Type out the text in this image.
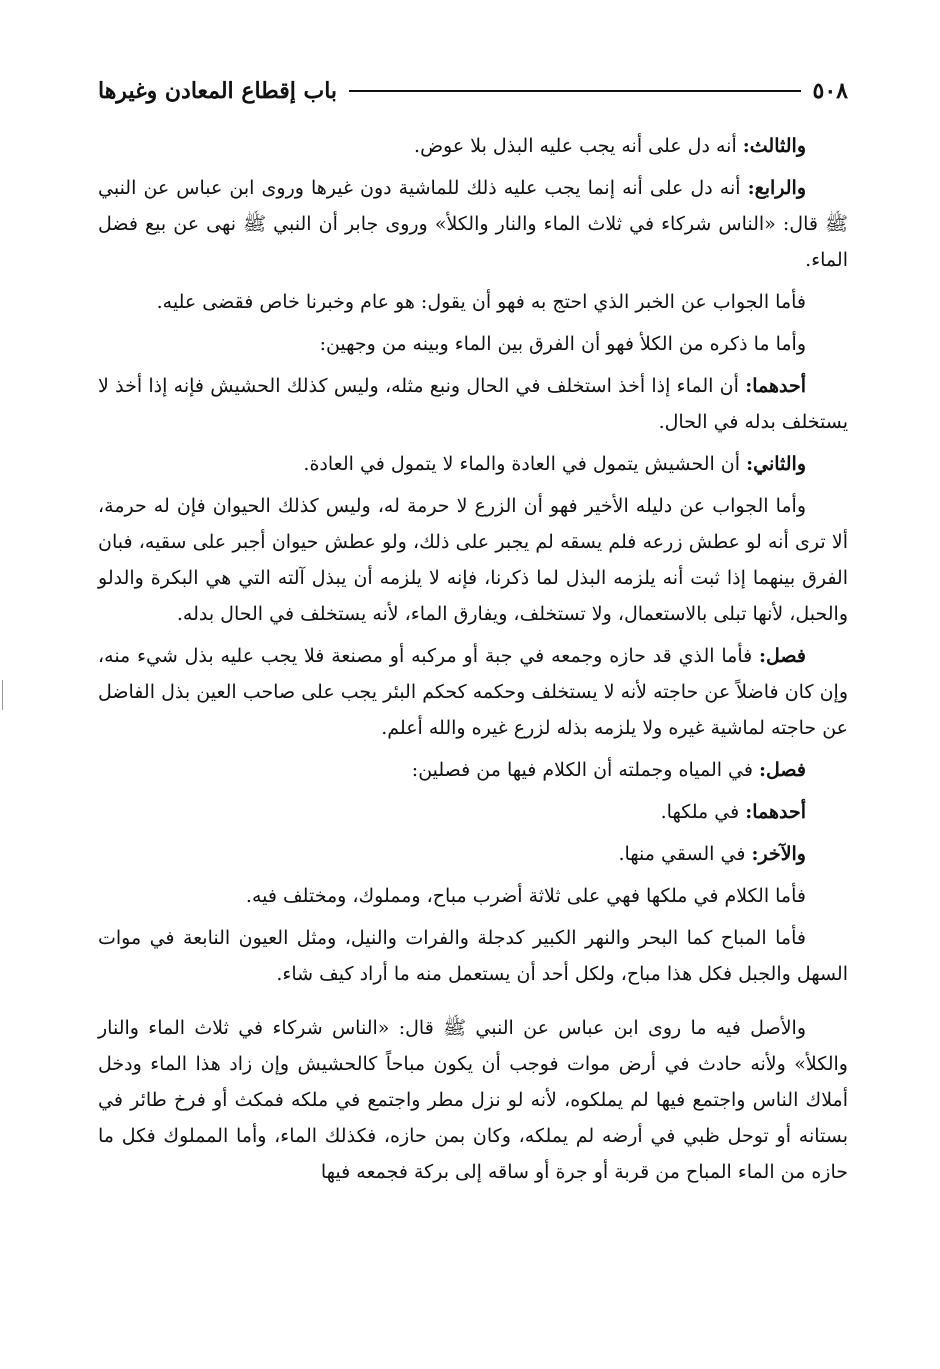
٥٠٨
باب إقطاع المعادن وغيرها

والثالث: أنه دل على أنه يجب عليه البذل بلا عوض.

والرابع: أنه دل على أنه إنما يجب عليه ذلك للماشية دون غيرها وروى ابن عباس عن النبي ﷺ قال: «الناس شركاء في ثلاث الماء والنار والكلأ» وروى جابر أن النبي ﷺ نهى عن بيع فضل الماء.

فأما الجواب عن الخبر الذي احتج به فهو أن يقول: هو عام وخبرنا خاص فقضى عليه.

وأما ما ذكره من الكلأ فهو أن الفرق بين الماء وبينه من وجهين:

أحدهما: أن الماء إذا أخذ استخلف في الحال ونبع مثله، وليس كذلك الحشيش فإنه إذا أخذ لا يستخلف بدله في الحال.

والثاني: أن الحشيش يتمول في العادة والماء لا يتمول في العادة.

وأما الجواب عن دليله الأخير فهو أن الزرع لا حرمة له، وليس كذلك الحيوان فإن له حرمة، ألا ترى أنه لو عطش زرعه فلم يسقه لم يجبر على ذلك، ولو عطش حيوان أجبر على سقيه، فبان الفرق بينهما إذا ثبت أنه يلزمه البذل لما ذكرنا، فإنه لا يلزمه أن يبذل آلته التي هي البكرة والدلو والحبل، لأنها تبلى بالاستعمال، ولا تستخلف، ويفارق الماء، لأنه يستخلف في الحال بدله.

فصل: فأما الذي قد حازه وجمعه في جبة أو مركبه أو مصنعة فلا يجب عليه بذل شيء منه، وإن كان فاضلاً عن حاجته لأنه لا يستخلف وحكمه كحكم البئر يجب على صاحب العين بذل الفاضل عن حاجته لماشية غيره ولا يلزمه بذله لزرع غيره والله أعلم.

فصل: في المياه وجملته أن الكلام فيها من فصلين:

أحدهما: في ملكها.

والآخر: في السقي منها.

فأما الكلام في ملكها فهي على ثلاثة أضرب مباح، ومملوك، ومختلف فيه.

فأما المباح كما البحر والنهر الكبير كدجلة والفرات والنيل، ومثل العيون النابعة في موات السهل والجبل فكل هذا مباح، ولكل أحد أن يستعمل منه ما أراد كيف شاء.

والأصل فيه ما روى ابن عباس عن النبي ﷺ قال: «الناس شركاء في ثلاث الماء والنار والكلأ» ولأنه حادث في أرض موات فوجب أن يكون مباحاً كالحشيش وإن زاد هذا الماء ودخل أملاك الناس واجتمع فيها لم يملكوه، لأنه لو نزل مطر واجتمع في ملكه فمكث أو فرخ طائر في بستانه أو توحل ظبي في أرضه لم يملكه، وكان بمن حازه، فكذلك الماء، وأما المملوك فكل ما حازه من الماء المباح من قربة أو جرة أو ساقه إلى بركة فجمعه فيها
